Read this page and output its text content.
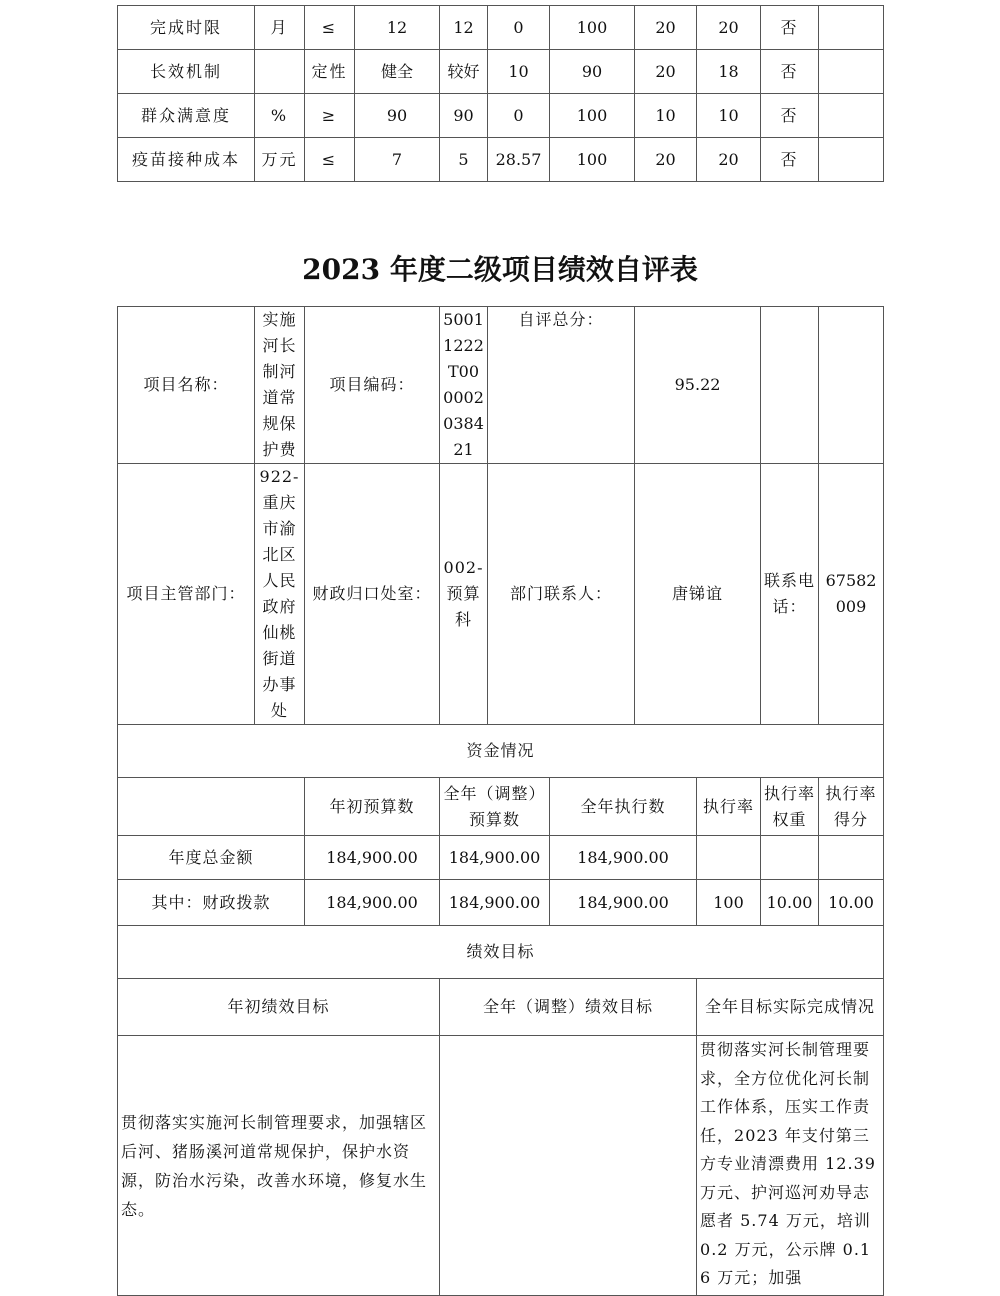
完成时限	月	≤	12	12	0	100	20	20	否	
长效机制		定性	健全	较好	10	90	20	18	否	
群众满意度	%	≥	90	90	0	100	10	10	否	
疫苗接种成本	万元	≤	7	5	28.57	100	20	20	否	
2023 年度二级项目绩效自评表
项目名称：	实施河长制河道常规保护费	项目编码：	50011222T000002038421	自评总分：		95.22			
项目主管部门：	922-重庆市渝北区人民政府仙桃街道办事处	财政归口处室：	002-预算科	部门联系人：		唐锑谊		联系电话：	67582009
资金情况									
		年初预算数	全年（调整）预算数		全年执行数		执行率	执行率权重	执行率得分
年度总金额		184,900.00	184,900.00		184,900.00				
其中：财政拨款		184,900.00	184,900.00		184,900.00		100	10.00	10.00
绩效目标									
年初绩效目标			全年（调整）绩效目标				全年目标实际完成情况		
贯彻落实实施河长制管理要求，加强辖区后河、猪肠溪河道常规保护，保护水资源，防治水污染，改善水环境，修复水生态。							贯彻落实河长制管理要求，全方位优化河长制工作体系，压实工作责任，2023 年支付第三方专业清漂费用 12.39 万元、护河巡河劝导志愿者 5.74 万元，培训 0.2 万元，公示牌 0.16 万元；加强		
